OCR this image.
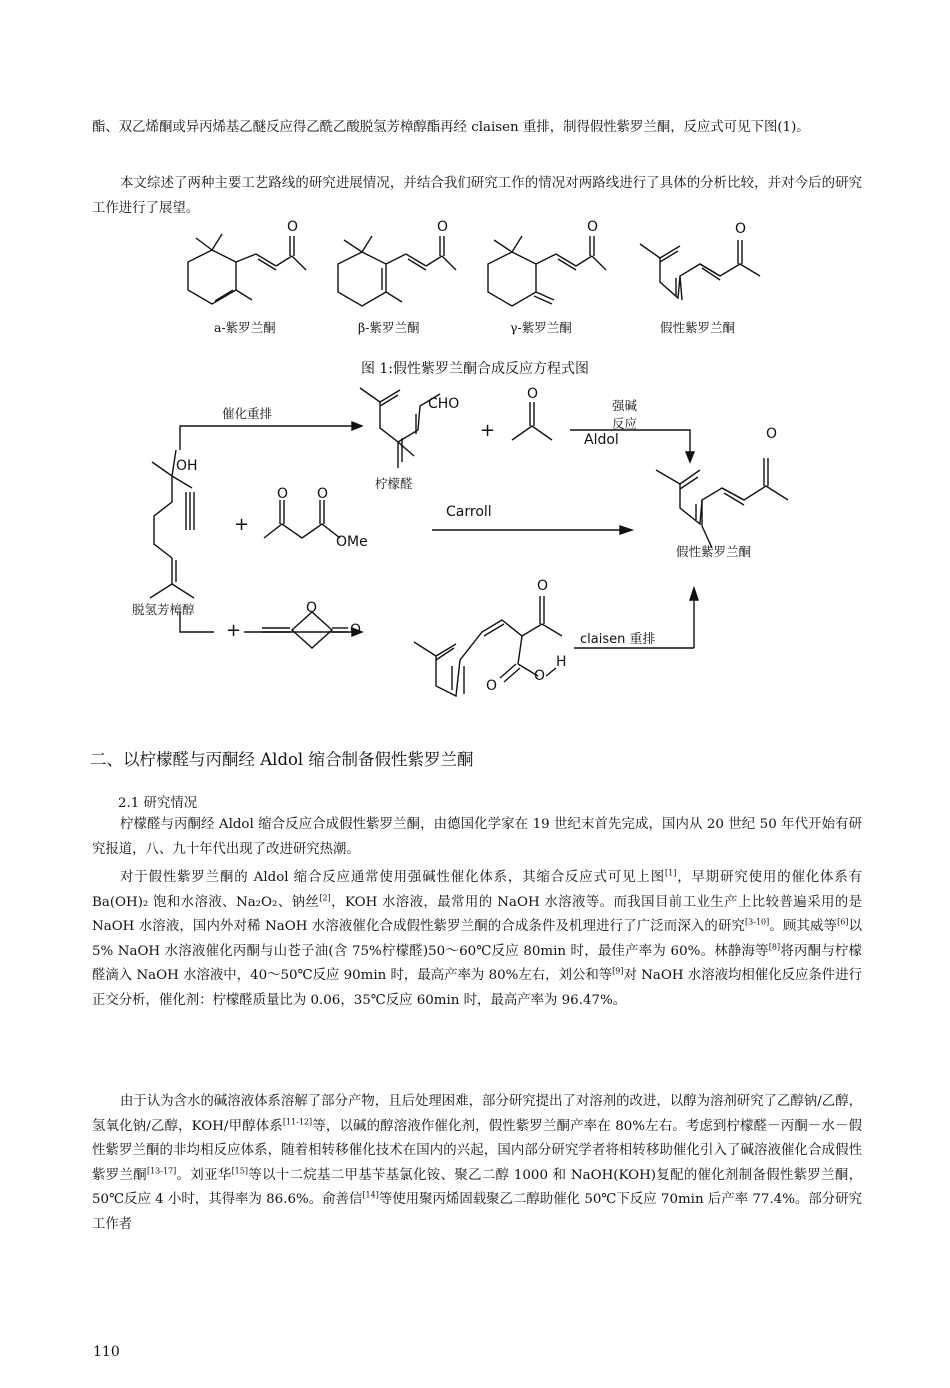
酯、双乙烯酮或异丙烯基乙醚反应得乙酰乙酸脱氢芳樟醇酯再经 claisen 重排，制得假性紫罗兰酮，反应式可见下图(1)。

本文综述了两种主要工艺路线的研究进展情况，并结合我们研究工作的情况对两路线进行了具体的分析比较，并对今后的研究工作进行了展望。

a-紫罗兰酮	β-紫罗兰酮	γ-紫罗兰酮	假性紫罗兰酮
O	O	O	O
图 1:假性紫罗兰酮合成反应方程式图
催化重排
CHO
柠檬醛
+
O
强碱
反应
Aldol	O
OH
+
O O
OMe
Carroll
假性紫罗兰酮
脱氢芳樟醇
+
O
O
O
O
O
H
claisen 重排
二、以柠檬醛与丙酮经 Aldol 缩合制备假性紫罗兰酮
2.1 研究情况

柠檬醛与丙酮经 Aldol 缩合反应合成假性紫罗兰酮，由德国化学家在 19 世纪末首先完成，国内从 20 世纪 50 年代开始有研究报道，八、九十年代出现了改进研究热潮。

对于假性紫罗兰酮的 Aldol 缩合反应通常使用强碱性催化体系，其缩合反应式可见上图[1]，早期研究使用的催化体系有 Ba(OH)₂ 饱和水溶液、Na₂O₂、钠丝[2]，KOH 水溶液，最常用的 NaOH 水溶液等。而我国目前工业生产上比较普遍采用的是 NaOH 水溶液，国内外对稀 NaOH 水溶液催化合成假性紫罗兰酮的合成条件及机理进行了广泛而深入的研究[3-10]。顾其威等[6]以 5% NaOH 水溶液催化丙酮与山苍子油(含 75%柠檬醛)50～60℃反应 80min 时，最佳产率为 60%。林静海等[8]将丙酮与柠檬醛滴入 NaOH 水溶液中，40～50℃反应 90min 时，最高产率为 80%左右，刘公和等[9]对 NaOH 水溶液均相催化反应条件进行正交分析，催化剂：柠檬醛质量比为 0.06，35℃反应 60min 时，最高产率为 96.47%。

由于认为含水的碱溶液体系溶解了部分产物，且后处理困难，部分研究提出了对溶剂的改进，以醇为溶剂研究了乙醇钠/乙醇，氢氧化钠/乙醇，KOH/甲醇体系[11-12]等，以碱的醇溶液作催化剂，假性紫罗兰酮产率在 80%左右。考虑到柠檬醛－丙酮－水－假性紫罗兰酮的非均相反应体系，随着相转移催化技术在国内的兴起，国内部分研究学者将相转移助催化引入了碱溶液催化合成假性紫罗兰酮[13-17]。刘亚华[15]等以十二烷基二甲基苄基氯化铵、聚乙二醇 1000 和 NaOH(KOH)复配的催化剂制备假性紫罗兰酮，50℃反应 4 小时，其得率为 86.6%。俞善信[14]等使用聚丙烯固载聚乙二醇助催化 50℃下反应 70min 后产率 77.4%。部分研究工作者

110
